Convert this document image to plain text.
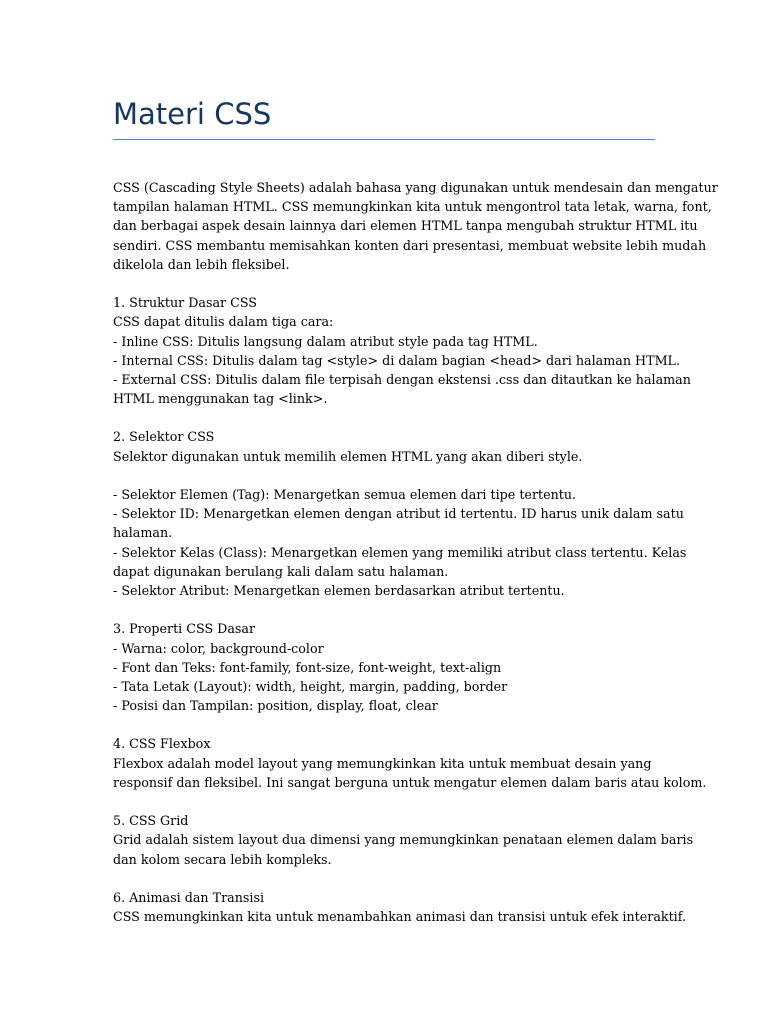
Materi CSS
CSS (Cascading Style Sheets) adalah bahasa yang digunakan untuk mendesain dan mengatur
tampilan halaman HTML. CSS memungkinkan kita untuk mengontrol tata letak, warna, font,
dan berbagai aspek desain lainnya dari elemen HTML tanpa mengubah struktur HTML itu
sendiri. CSS membantu memisahkan konten dari presentasi, membuat website lebih mudah
dikelola dan lebih fleksibel.
1. Struktur Dasar CSS
CSS dapat ditulis dalam tiga cara:
- Inline CSS: Ditulis langsung dalam atribut style pada tag HTML.
- Internal CSS: Ditulis dalam tag <style> di dalam bagian <head> dari halaman HTML.
- External CSS: Ditulis dalam file terpisah dengan ekstensi .css dan ditautkan ke halaman
HTML menggunakan tag <link>.
2. Selektor CSS
Selektor digunakan untuk memilih elemen HTML yang akan diberi style.
- Selektor Elemen (Tag): Menargetkan semua elemen dari tipe tertentu.
- Selektor ID: Menargetkan elemen dengan atribut id tertentu. ID harus unik dalam satu
halaman.
- Selektor Kelas (Class): Menargetkan elemen yang memiliki atribut class tertentu. Kelas
dapat digunakan berulang kali dalam satu halaman.
- Selektor Atribut: Menargetkan elemen berdasarkan atribut tertentu.
3. Properti CSS Dasar
- Warna: color, background-color
- Font dan Teks: font-family, font-size, font-weight, text-align
- Tata Letak (Layout): width, height, margin, padding, border
- Posisi dan Tampilan: position, display, float, clear
4. CSS Flexbox
Flexbox adalah model layout yang memungkinkan kita untuk membuat desain yang
responsif dan fleksibel. Ini sangat berguna untuk mengatur elemen dalam baris atau kolom.
5. CSS Grid
Grid adalah sistem layout dua dimensi yang memungkinkan penataan elemen dalam baris
dan kolom secara lebih kompleks.
6. Animasi dan Transisi
CSS memungkinkan kita untuk menambahkan animasi dan transisi untuk efek interaktif.
